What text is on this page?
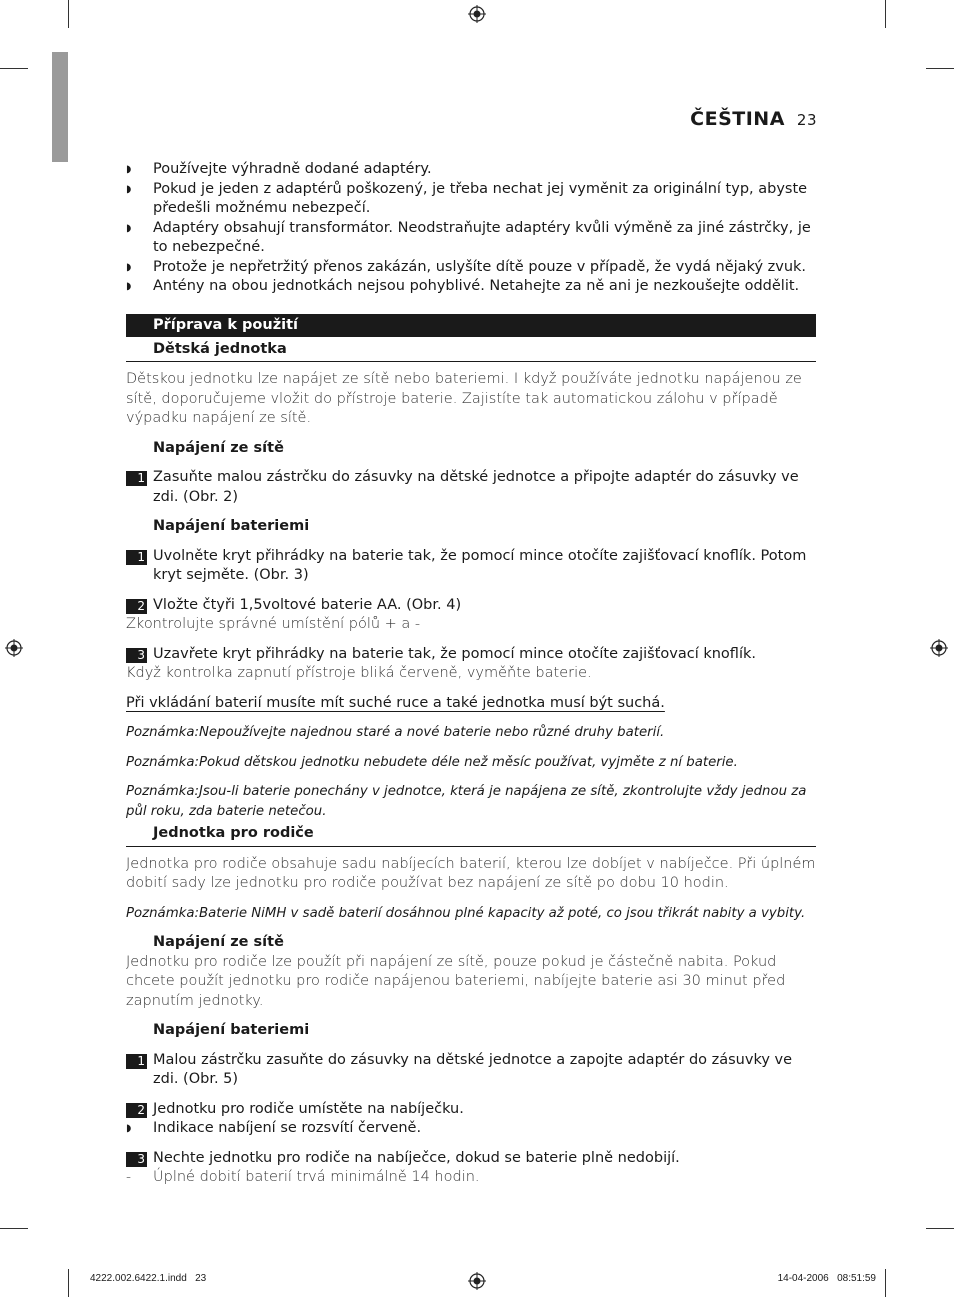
ČEŠTINA 23
◗ Používejte výhradně dodané adaptéry.
◗ Pokud je jeden z adaptérů poškozený, je třeba nechat jej vyměnit za originální typ, abyste předešli možnému nebezpečí.
◗ Adaptéry obsahují transformátor. Neodstraňujte adaptéry kvůli výměně za jiné zástrčky, je to nebezpečné.
◗ Protože je nepřetržitý přenos zakázán, uslyšíte dítě pouze v případě, že vydá nějaký zvuk.
◗ Antény na obou jednotkách nejsou pohyblivé. Netahejte za ně ani je nezkoušejte oddělit.
Příprava k použití
Dětská jednotka
Dětskou jednotku lze napájet ze sítě nebo bateriemi. I když používáte jednotku napájenou ze sítě, doporučujeme vložit do přístroje baterie. Zajistíte tak automatickou zálohu v případě výpadku napájení ze sítě.
Napájení ze sítě
1 Zasuňte malou zástrčku do zásuvky na dětské jednotce a připojte adaptér do zásuvky ve zdi. (Obr. 2)
Napájení bateriemi
1 Uvolněte kryt přihrádky na baterie tak, že pomocí mince otočíte zajišťovací knoflík. Potom kryt sejměte. (Obr. 3)
2 Vložte čtyři 1,5voltové baterie AA. (Obr. 4)
Zkontrolujte správné umístění pólů + a -
3 Uzavřete kryt přihrádky na baterie tak, že pomocí mince otočíte zajišťovací knoflík.
Když kontrolka zapnutí přístroje bliká červeně, vyměňte baterie.
Při vkládání baterií musíte mít suché ruce a také jednotka musí být suchá.
Poznámka:Nepoužívejte najednou staré a nové baterie nebo různé druhy baterií.
Poznámka:Pokud dětskou jednotku nebudete déle než měsíc používat, vyjměte z ní baterie.
Poznámka:Jsou-li baterie ponechány v jednotce, která je napájena ze sítě, zkontrolujte vždy jednou za půl roku, zda baterie netečou.
Jednotka pro rodiče
Jednotka pro rodiče obsahuje sadu nabíjecích baterií, kterou lze dobíjet v nabíječce. Při úplném dobití sady lze jednotku pro rodiče používat bez napájení ze sítě po dobu 10 hodin.
Poznámka:Baterie NiMH v sadě baterií dosáhnou plné kapacity až poté, co jsou třikrát nabity a vybity.
Napájení ze sítě
Jednotku pro rodiče lze použít při napájení ze sítě, pouze pokud je částečně nabita. Pokud chcete použít jednotku pro rodiče napájenou bateriemi, nabíjejte baterie asi 30 minut před zapnutím jednotky.
Napájení bateriemi
1 Malou zástrčku zasuňte do zásuvky na dětské jednotce a zapojte adaptér do zásuvky ve zdi. (Obr. 5)
2 Jednotku pro rodiče umístěte na nabíječku.
◗ Indikace nabíjení se rozsvítí červeně.
3 Nechte jednotku pro rodiče na nabíječce, dokud se baterie plně nedobijí.
- Úplné dobití baterií trvá minimálně 14 hodin.
4222.002.6422.1.indd   23	14-04-2006   08:51:59
